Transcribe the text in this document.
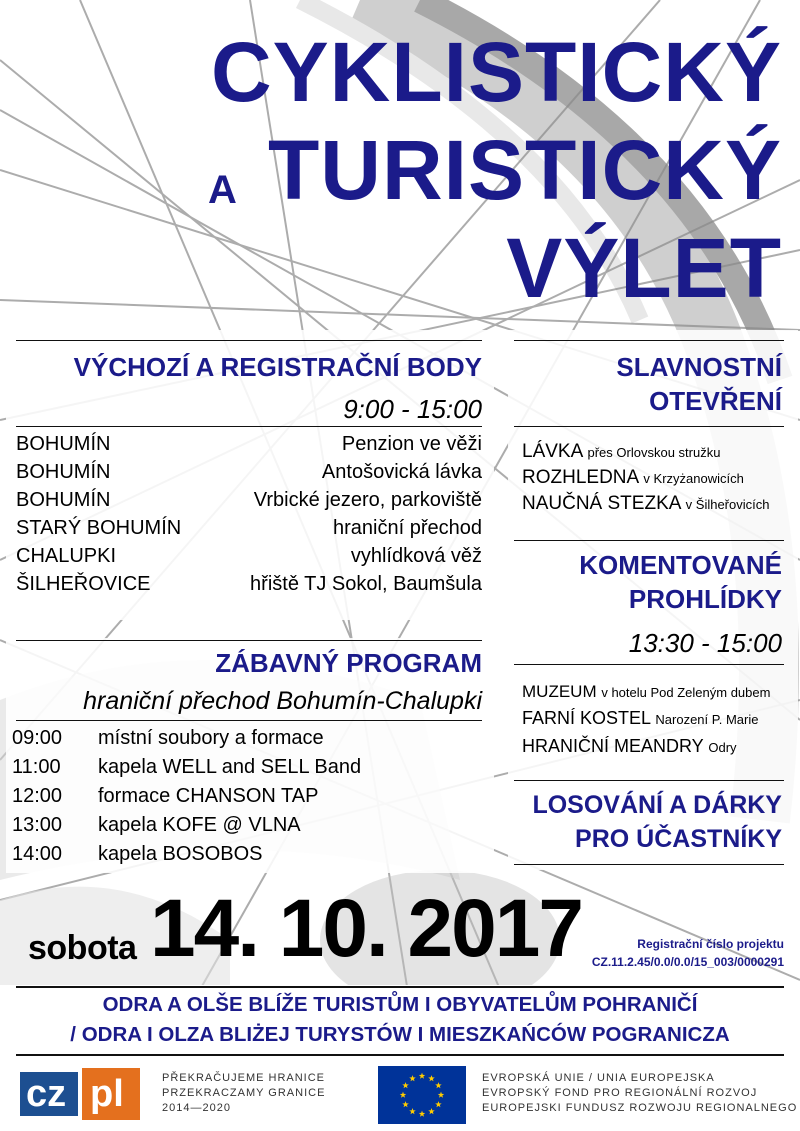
CYKLISTICKÝ
A TURISTICKÝ
VÝLET
VÝCHOZÍ A REGISTRAČNÍ BODY
9:00 - 15:00
BOHUMÍN	Penzion ve věži
BOHUMÍN	Antošovická lávka
BOHUMÍN	Vrbické jezero, parkoviště
STARÝ BOHUMÍN	hraniční přechod
CHALUPKI	vyhlídková věž
ŠILHEŘOVICE	hřiště TJ Sokol, Baumšula
ZÁBAVNÝ PROGRAM
hraniční přechod Bohumín-Chalupki
09:00 místní soubory a formace
11:00 kapela WELL and SELL Band
12:00 formace CHANSON TAP
13:00 kapela KOFE @ VLNA
14:00 kapela BOSOBOS
SLAVNOSTNÍ
OTEVŘENÍ
LÁVKA přes Orlovskou stružku
ROZHLEDNA v Krzyżanowicích
NAUČNÁ STEZKA v Šilheřovicích
KOMENTOVANÉ
PROHLÍDKY
13:30 - 15:00
MUZEUM v hotelu Pod Zeleným dubem
FARNÍ KOSTEL Narození P. Marie
HRANIČNÍ MEANDRY Odry
LOSOVÁNÍ A DÁRKY
PRO ÚČASTNÍKY
sobota 14. 10. 2017	Registrační číslo projektu
CZ.11.2.45/0.0/0.0/15_003/0000291
ODRA A OLŠE BLÍŽE TURISTŮM I OBYVATELŮM POHRANIČÍ
/ ODRA I OLZA BLIŻEJ TURYSTÓW I MIESZKAŃCÓW POGRANICZA
cz pl	PŘEKRAČUJEME HRANICE
PRZEKRACZAMY GRANICE
2014—2020
EVROPSKÁ UNIE / UNIA EUROPEJSKA
EVROPSKÝ FOND PRO REGIONÁLNÍ ROZVOJ
EUROPEJSKI FUNDUSZ ROZWOJU REGIONALNEGO
